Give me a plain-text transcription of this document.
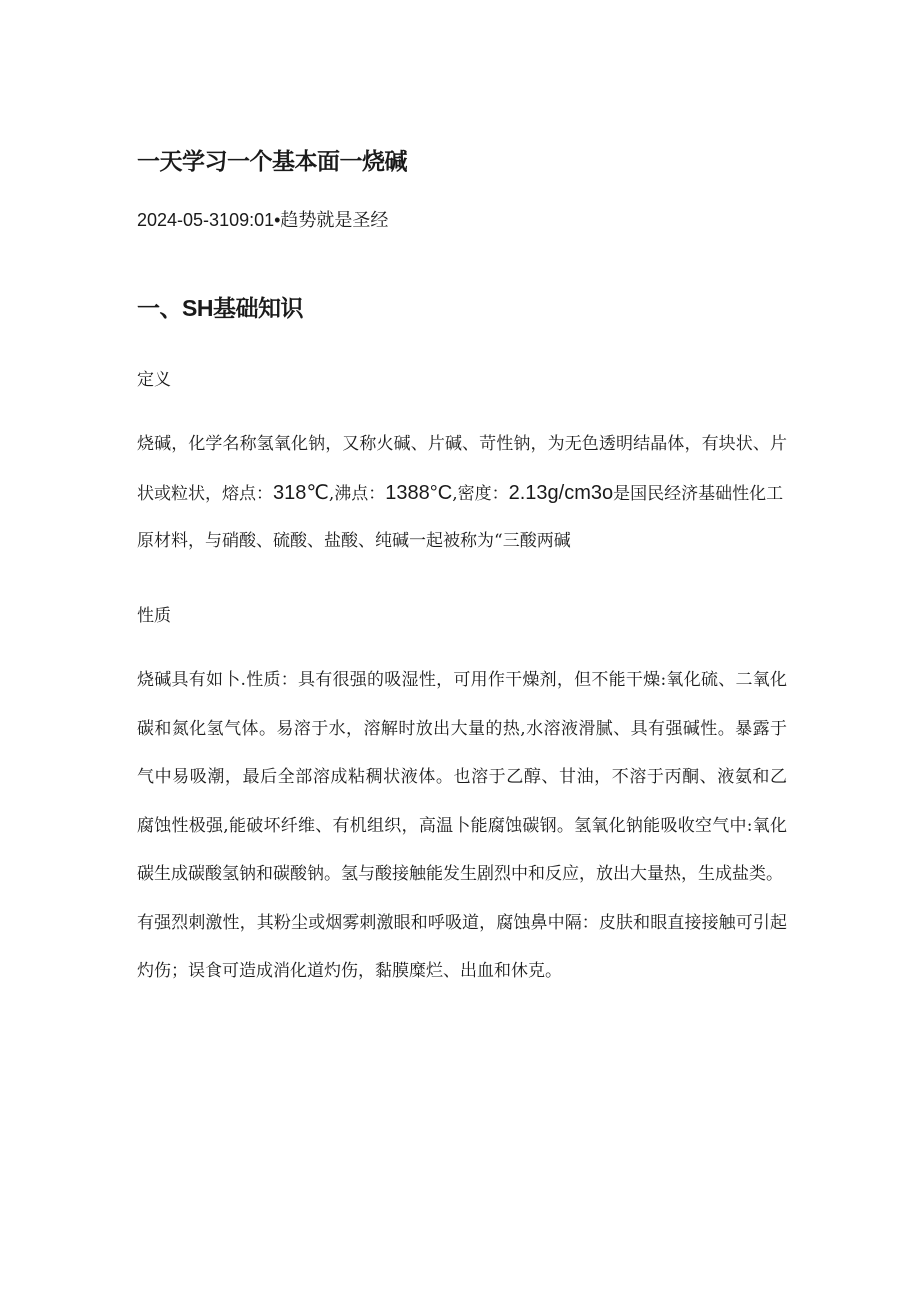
一天学习一个基本面一烧碱
2024-05-3109:01•趋势就是圣经
一、SH基础知识
定义
烧碱，化学名称氢氧化钠，又称火碱、片碱、苛性钠，为无色透明结晶体，有块状、片
状或粒状，熔点：318℃,沸点：1388°C,密度：2.13g/cm3o是国民经济基础性化工
原材料，与硝酸、硫酸、盐酸、纯碱一起被称为“三酸两碱
性质
烧碱具有如卜.性质：具有很强的吸湿性，可用作干燥剂，但不能干燥:氧化硫、二氧化
碳和氮化氢气体。易溶于水，溶解时放出大量的热,水溶液滑腻、具有强碱性。暴露于
气中易吸潮，最后全部溶成粘稠状液体。也溶于乙醇、甘油，不溶于丙酮、液氨和乙
腐蚀性极强,能破坏纤维、有机组织，高温卜能腐蚀碳钢。氢氧化钠能吸收空气中:氧化
碳生成碳酸氢钠和碳酸钠。氢与酸接触能发生剧烈中和反应，放出大量热，生成盐类。
有强烈刺激性，其粉尘或烟雾刺激眼和呼吸道，腐蚀鼻中隔：皮肤和眼直接接触可引起
灼伤；误食可造成消化道灼伤，黏膜糜烂、出血和休克。
